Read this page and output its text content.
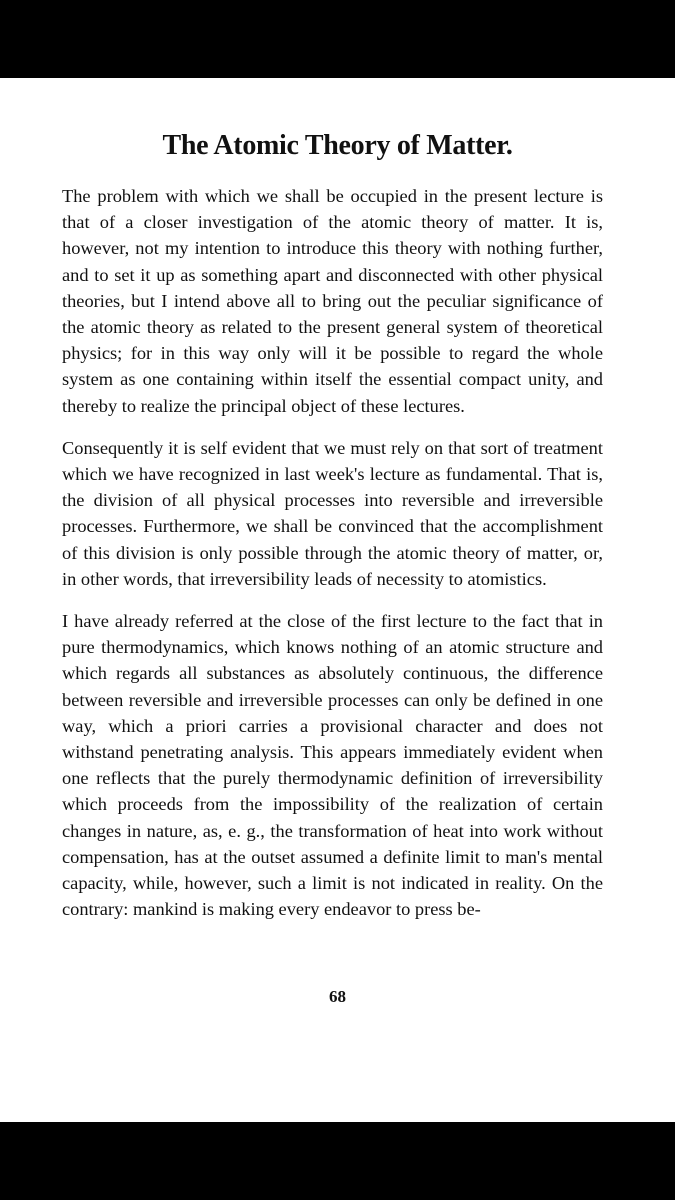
The Atomic Theory of Matter.

The problem with which we shall be occupied in the present lecture is that of a closer investigation of the atomic theory of matter. It is, however, not my intention to introduce this theory with nothing further, and to set it up as something apart and disconnected with other physical theories, but I intend above all to bring out the peculiar significance of the atomic theory as related to the present general system of theoretical physics; for in this way only will it be possible to regard the whole system as one containing within itself the essential compact unity, and thereby to realize the principal object of these lectures.

Consequently it is self evident that we must rely on that sort of treatment which we have recognized in last week's lecture as fundamental. That is, the division of all physical processes into reversible and irreversible processes. Furthermore, we shall be convinced that the accomplishment of this division is only possible through the atomic theory of matter, or, in other words, that irreversibility leads of necessity to atomistics.

I have already referred at the close of the first lecture to the fact that in pure thermodynamics, which knows nothing of an atomic structure and which regards all substances as absolutely continuous, the difference between reversible and irreversible processes can only be defined in one way, which a priori carries a provisional character and does not withstand penetrating analysis. This appears immediately evident when one reflects that the purely thermodynamic definition of irreversibility which proceeds from the impossibility of the realization of certain changes in nature, as, e. g., the transformation of heat into work without compensation, has at the outset assumed a definite limit to man's mental capacity, while, however, such a limit is not indicated in reality. On the contrary: mankind is making every endeavor to press be-

68
